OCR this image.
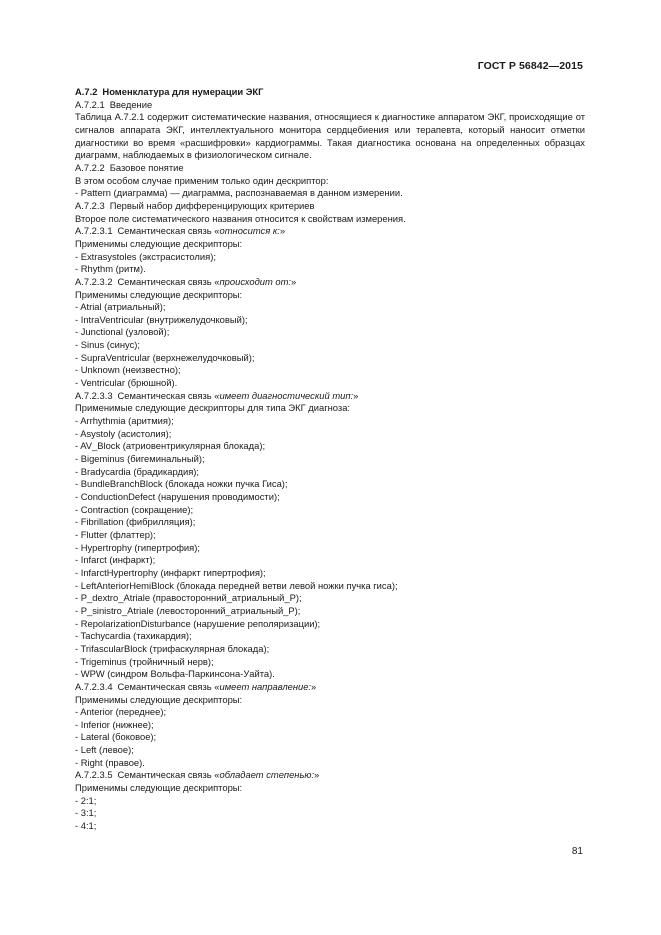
ГОСТ Р 56842—2015
А.7.2 Номенклатура для нумерации ЭКГ
А.7.2.1 Введение
Таблица А.7.2.1 содержит систематические названия, относящиеся к диагностике аппаратом ЭКГ, происходящие от сигналов аппарата ЭКГ, интеллектуального монитора сердцебиения или терапевта, который наносит отметки диагностики во время «расшифровки» кардиограммы. Такая диагностика основана на определенных образцах диаграмм, наблюдаемых в физиологическом сигнале.
А.7.2.2 Базовое понятие
В этом особом случае применим только один дескриптор:
- Pattern (диаграмма) — диаграмма, распознаваемая в данном измерении.
А.7.2.3 Первый набор дифференцирующих критериев
Второе поле систематического названия относится к свойствам измерения.
А.7.2.3.1 Семантическая связь «относится к:»
Применимы следующие дескрипторы:
- Extrasystoles (экстрасистолия);
- Rhythm (ритм).
А.7.2.3.2 Семантическая связь «происходит от:»
Применимы следующие дескрипторы:
- Atrial (атриальный);
- IntraVentricular (внутрижелудочковый);
- Junctional (узловой);
- Sinus (синус);
- SupraVentricular (верхнежелудочковый);
- Unknown (неизвестно);
- Ventricular (брюшной).
А.7.2.3.3 Семантическая связь «имеет диагностический тип:»
Применимые следующие дескрипторы для типа ЭКГ диагноза:
- Arrhythmia (аритмия);
- Asystoly (асистолия);
- AV_Block (атриовентрикулярная блокада);
- Bigeminus (бигеминальный);
- Bradycardia (брадикардия);
- BundleBranchBlock (блокада ножки пучка Гиса);
- ConductionDefect (нарушения проводимости);
- Contraction (сокращение);
- Fibrillation (фибрилляция);
- Flutter (флаттер);
- Hypertrophy (гипертрофия);
- Infarct (инфаркт);
- InfarctHypertrophy (инфаркт гипертрофия);
- LeftAnteriorHemiBlock (блокада передней ветви левой ножки пучка гиса);
- P_dextro_Atriale (правосторонний_атриальный_P);
- P_sinistro_Atriale (левосторонний_атриальный_P);
- RepolarizationDisturbance (нарушение реполяризации);
- Tachycardia (тахикардия);
- TrifascularBlock (трифаскулярная блокада);
- Trigeminus (тройничный нерв);
- WPW (синдром Вольфа-Паркинсона-Уайта).
А.7.2.3.4 Семантическая связь «имеет направление:»
Применимы следующие дескрипторы:
- Anterior (переднее);
- Inferior (нижнее);
- Lateral (боковое);
- Left (левое);
- Right (правое).
А.7.2.3.5 Семантическая связь «обладает степенью:»
Применимы следующие дескрипторы:
- 2:1;
- 3:1;
- 4:1;
81
